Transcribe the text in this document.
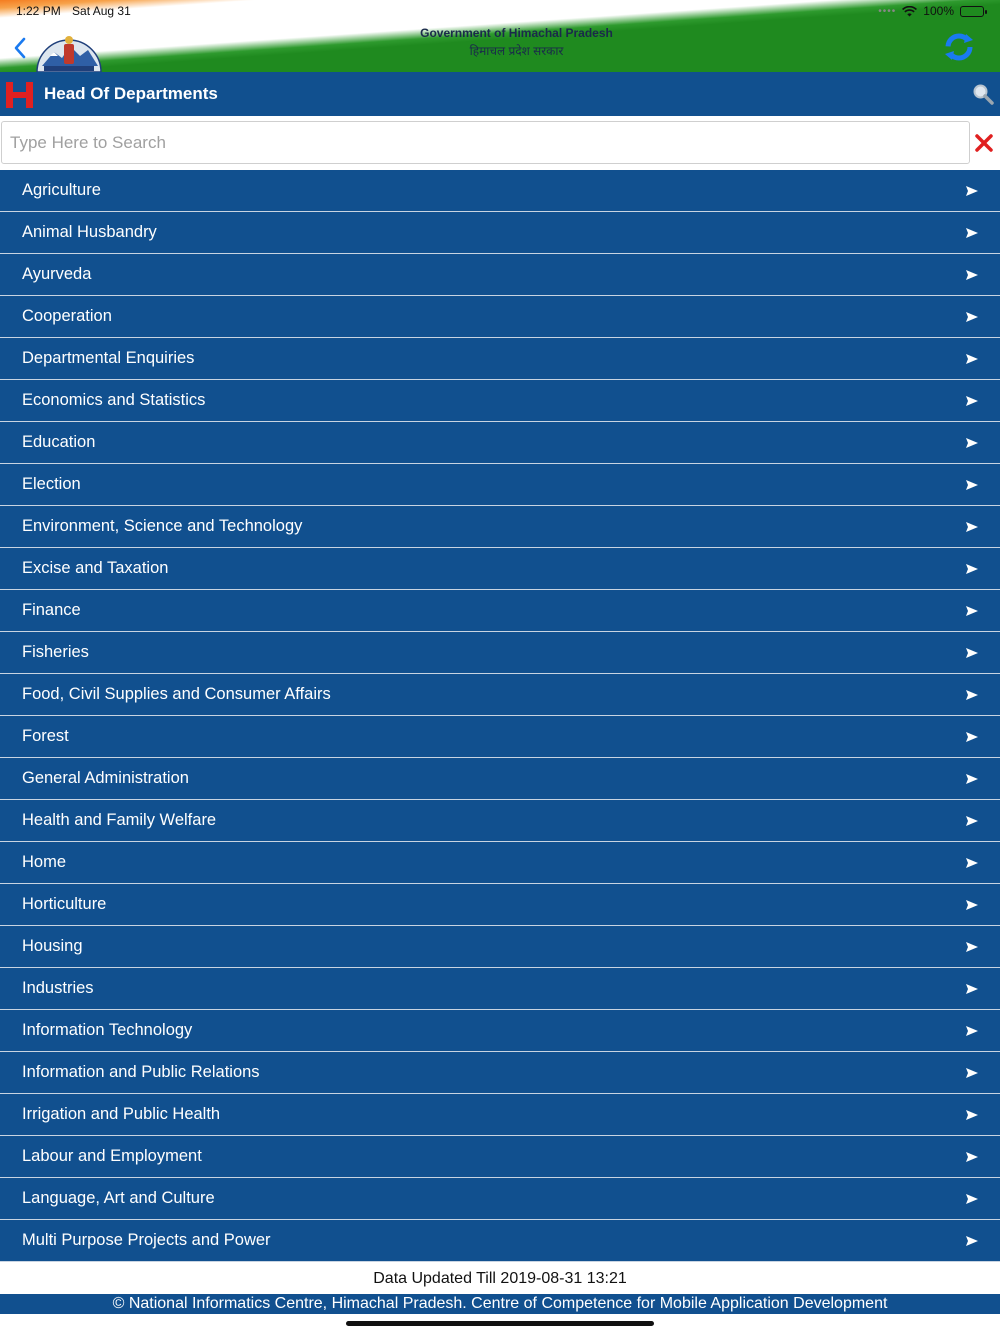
1:22 PM Sat Aug 31	•••• 100%
Government of Himachal Pradesh
हिमाचल प्रदेश सरकार
Head Of Departments
Type Here to Search
Agriculture
Animal Husbandry
Ayurveda
Cooperation
Departmental Enquiries
Economics and Statistics
Education
Election
Environment, Science and Technology
Excise and Taxation
Finance
Fisheries
Food, Civil Supplies and Consumer Affairs
Forest
General Administration
Health and Family Welfare
Home
Horticulture
Housing
Industries
Information Technology
Information and Public Relations
Irrigation and Public Health
Labour and Employment
Language, Art and Culture
Multi Purpose Projects and Power
Data Updated Till 2019-08-31 13:21
© National Informatics Centre, Himachal Pradesh. Centre of Competence for Mobile Application Development
